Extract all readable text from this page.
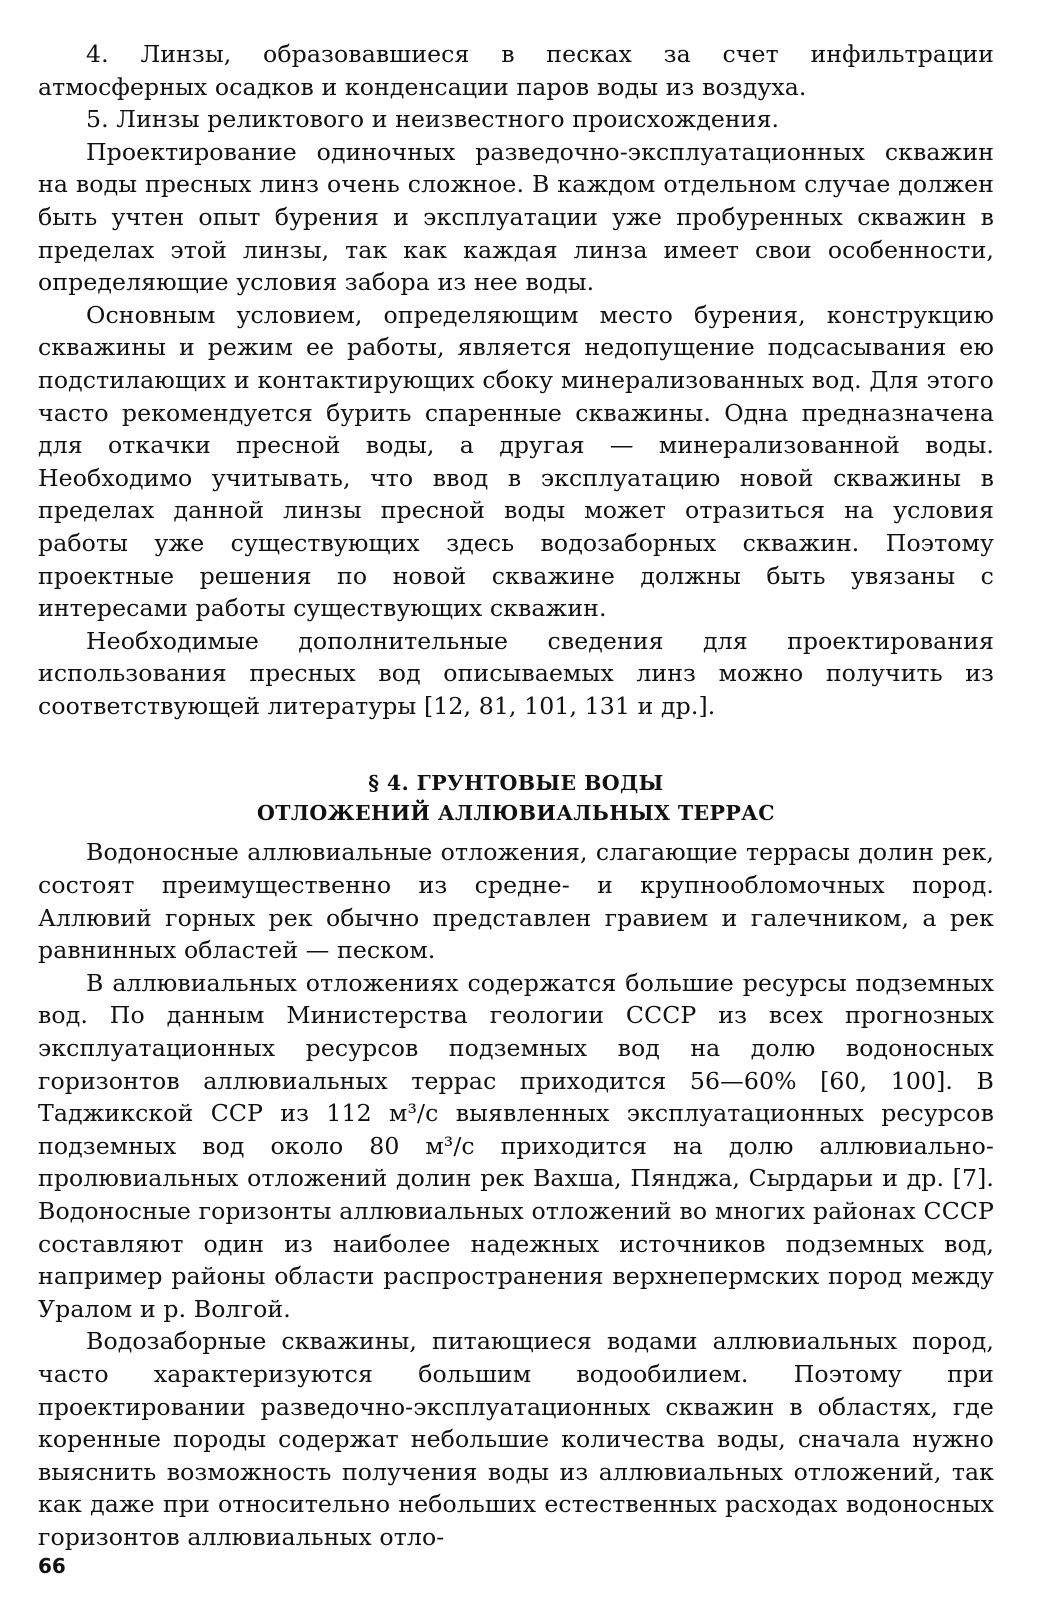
4. Линзы, образовавшиеся в песках за счет инфильтрации атмосферных осадков и конденсации паров воды из воздуха.

5. Линзы реликтового и неизвестного происхождения.

Проектирование одиночных разведочно-эксплуатационных скважин на воды пресных линз очень сложное. В каждом отдельном случае должен быть учтен опыт бурения и эксплуатации уже пробуренных скважин в пределах этой линзы, так как каждая линза имеет свои особенности, определяющие условия забора из нее воды.

Основным условием, определяющим место бурения, конструкцию скважины и режим ее работы, является недопущение подсасывания ею подстилающих и контактирующих сбоку минерализованных вод. Для этого часто рекомендуется бурить спаренные скважины. Одна предназначена для откачки пресной воды, а другая — минерализованной воды. Необходимо учитывать, что ввод в эксплуатацию новой скважины в пределах данной линзы пресной воды может отразиться на условия работы уже существующих здесь водозаборных скважин. Поэтому проектные решения по новой скважине должны быть увязаны с интересами работы существующих скважин.

Необходимые дополнительные сведения для проектирования использования пресных вод описываемых линз можно получить из соответствующей литературы [12, 81, 101, 131 и др.].

§ 4. ГРУНТОВЫЕ ВОДЫ
ОТЛОЖЕНИЙ АЛЛЮВИАЛЬНЫХ ТЕРРАС

Водоносные аллювиальные отложения, слагающие террасы долин рек, состоят преимущественно из средне- и крупнообломочных пород. Аллювий горных рек обычно представлен гравием и галечником, а рек равнинных областей — песком.

В аллювиальных отложениях содержатся большие ресурсы подземных вод. По данным Министерства геологии СССР из всех прогнозных эксплуатационных ресурсов подземных вод на долю водоносных горизонтов аллювиальных террас приходится 56—60% [60, 100]. В Таджикской ССР из 112 м³/с выявленных эксплуатационных ресурсов подземных вод около 80 м³/с приходится на долю аллювиально-пролювиальных отложений долин рек Вахша, Пянджа, Сырдарьи и др. [7]. Водоносные горизонты аллювиальных отложений во многих районах СССР составляют один из наиболее надежных источников подземных вод, например районы области распространения верхнепермских пород между Уралом и р. Волгой.

Водозаборные скважины, питающиеся водами аллювиальных пород, часто характеризуются большим водообилием. Поэтому при проектировании разведочно-эксплуатационных скважин в областях, где коренные породы содержат небольшие количества воды, сначала нужно выяснить возможность получения воды из аллювиальных отложений, так как даже при относительно небольших естественных расходах водоносных горизонтов аллювиальных отло-

66
